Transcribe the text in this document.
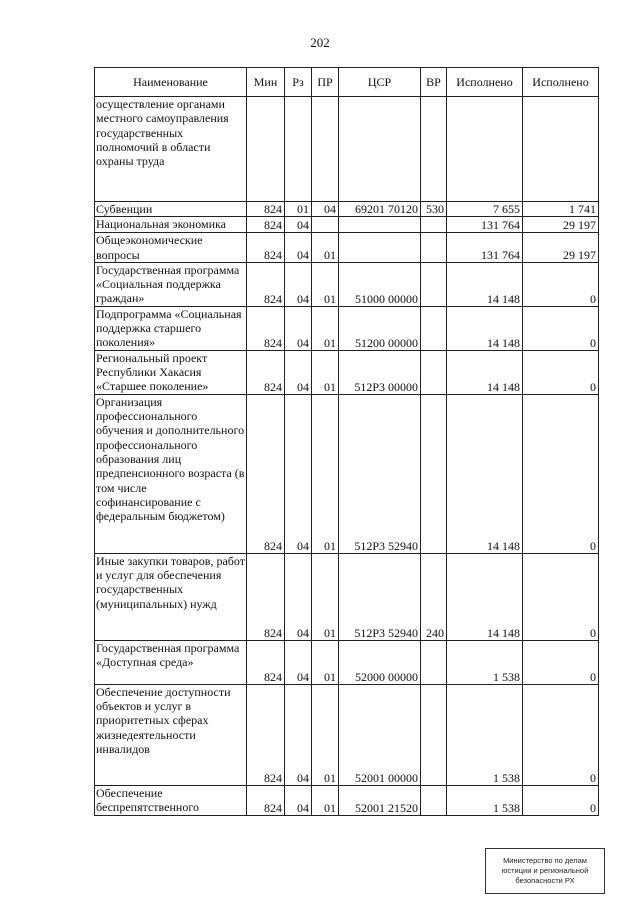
202
Наименование	Мин	Рз	ПР	ЦСР	ВР	Исполнено	Исполнено
осуществление органами местного самоуправления государственных полномочий в области охраны труда							
Субвенции	824	01	04	69201 70120	530	7 655	1 741
Национальная экономика	824	04				131 764	29 197
Общеэкономические вопросы	824	04	01			131 764	29 197
Государственная программа «Социальная поддержка граждан»	824	04	01	51000 00000		14 148	0
Подпрограмма «Социальная поддержка старшего поколения»	824	04	01	51200 00000		14 148	0
Региональный проект Республики Хакасия «Старшее поколение»	824	04	01	512P3 00000		14 148	0
Организация профессионального обучения и дополнительного профессионального образования лиц предпенсионного возраста (в том числе софинансирование с федеральным бюджетом)	824	04	01	512P3 52940		14 148	0
Иные закупки товаров, работ и услуг для обеспечения государственных (муниципальных) нужд	824	04	01	512P3 52940	240	14 148	0
Государственная программа «Доступная среда»	824	04	01	52000 00000		1 538	0
Обеспечение доступности объектов и услуг в приоритетных сферах жизнедеятельности инвалидов	824	04	01	52001 00000		1 538	0
Обеспечение беспрепятственного	824	04	01	52001 21520		1 538	0
Министерство по делам
юстиции и региональной
безопасности РХ
